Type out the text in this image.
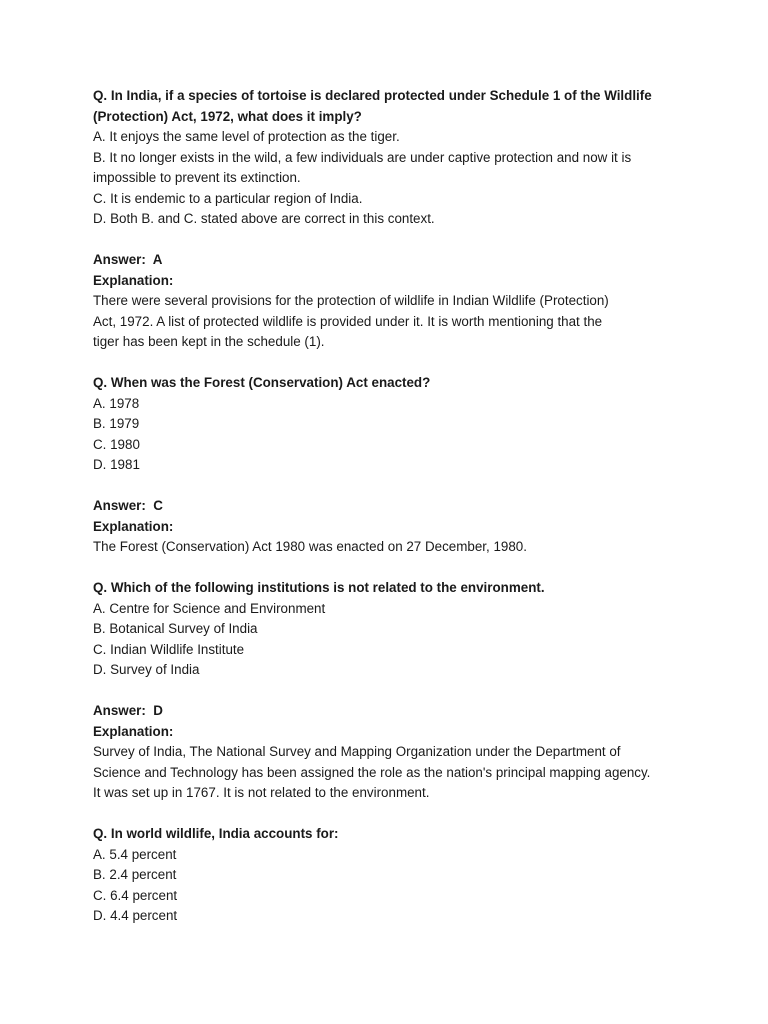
Q. In India, if a species of tortoise is declared protected under Schedule 1 of the Wildlife
(Protection) Act, 1972, what does it imply?
A. It enjoys the same level of protection as the tiger.
B. It no longer exists in the wild, a few individuals are under captive protection and now it is
impossible to prevent its extinction.
C. It is endemic to a particular region of India.
D. Both B. and C. stated above are correct in this context.
Answer:  A
Explanation:
There were several provisions for the protection of wildlife in Indian Wildlife (Protection)
Act, 1972. A list of protected wildlife is provided under it. It is worth mentioning that the
tiger has been kept in the schedule (1).
Q. When was the Forest (Conservation) Act enacted?
A. 1978
B. 1979
C. 1980
D. 1981
Answer:  C
Explanation:
The Forest (Conservation) Act 1980 was enacted on 27 December, 1980.
Q. Which of the following institutions is not related to the environment.
A. Centre for Science and Environment
B. Botanical Survey of India
C. Indian Wildlife Institute
D. Survey of India
Answer:  D
Explanation:
Survey of India, The National Survey and Mapping Organization under the Department of
Science and Technology has been assigned the role as the nation's principal mapping agency.
It was set up in 1767. It is not related to the environment.
Q. In world wildlife, India accounts for:
A. 5.4 percent
B. 2.4 percent
C. 6.4 percent
D. 4.4 percent
